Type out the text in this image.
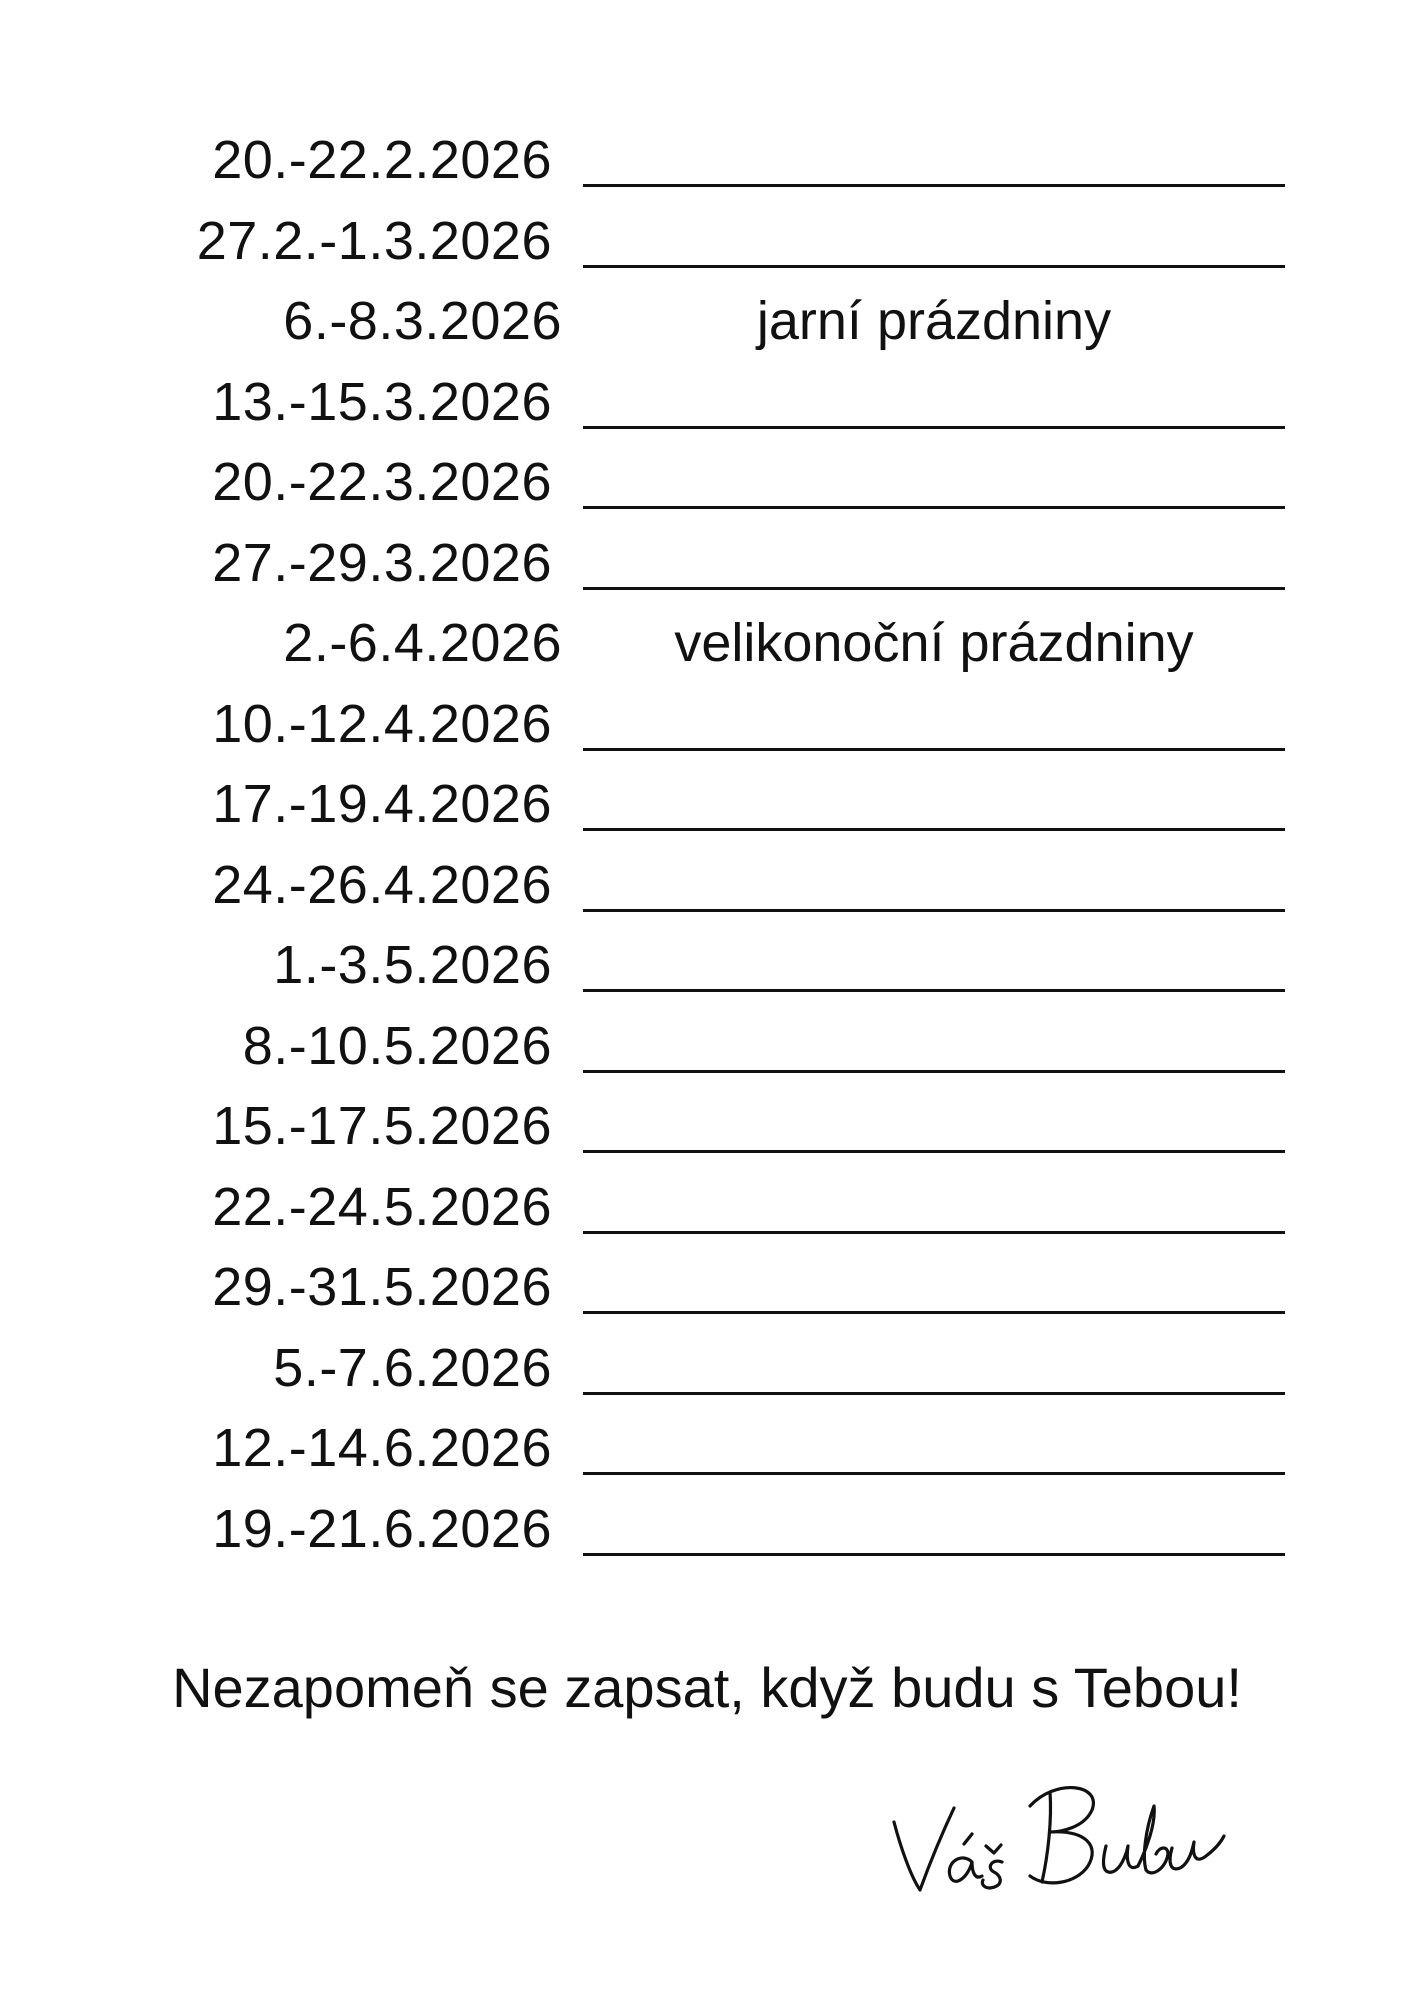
20.-22.2.2026
27.2.-1.3.2026
6.-8.3.2026	jarní prázdniny
13.-15.3.2026
20.-22.3.2026
27.-29.3.2026
2.-6.4.2026	velikonoční prázdniny
10.-12.4.2026
17.-19.4.2026
24.-26.4.2026
1.-3.5.2026
8.-10.5.2026
15.-17.5.2026
22.-24.5.2026
29.-31.5.2026
5.-7.6.2026
12.-14.6.2026
19.-21.6.2026
Nezapomeň se zapsat, když budu s Tebou!
